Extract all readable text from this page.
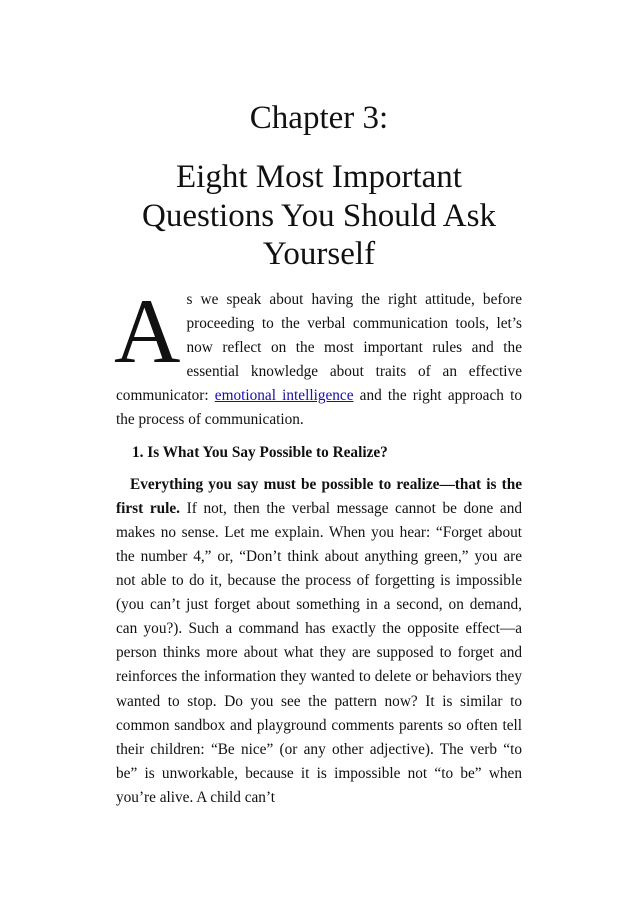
Chapter 3:
Eight Most Important
Questions You Should Ask
Yourself

As we speak about having the right attitude, before proceeding to the verbal communication tools, let’s now reflect on the most important rules and the essential knowledge about traits of an effective communicator: emotional intelligence and the right approach to the process of communication.

1. Is What You Say Possible to Realize?

Everything you say must be possible to realize—that is the first rule. If not, then the verbal message cannot be done and makes no sense. Let me explain. When you hear: “Forget about the number 4,” or, “Don’t think about anything green,” you are not able to do it, because the process of forgetting is impossible (you can’t just forget about something in a second, on demand, can you?). Such a command has exactly the opposite effect—a person thinks more about what they are supposed to forget and reinforces the information they wanted to delete or behaviors they wanted to stop. Do you see the pattern now? It is similar to common sandbox and playground comments parents so often tell their children: “Be nice” (or any other adjective). The verb “to be” is unworkable, because it is impossible not “to be” when you’re alive. A child can’t
